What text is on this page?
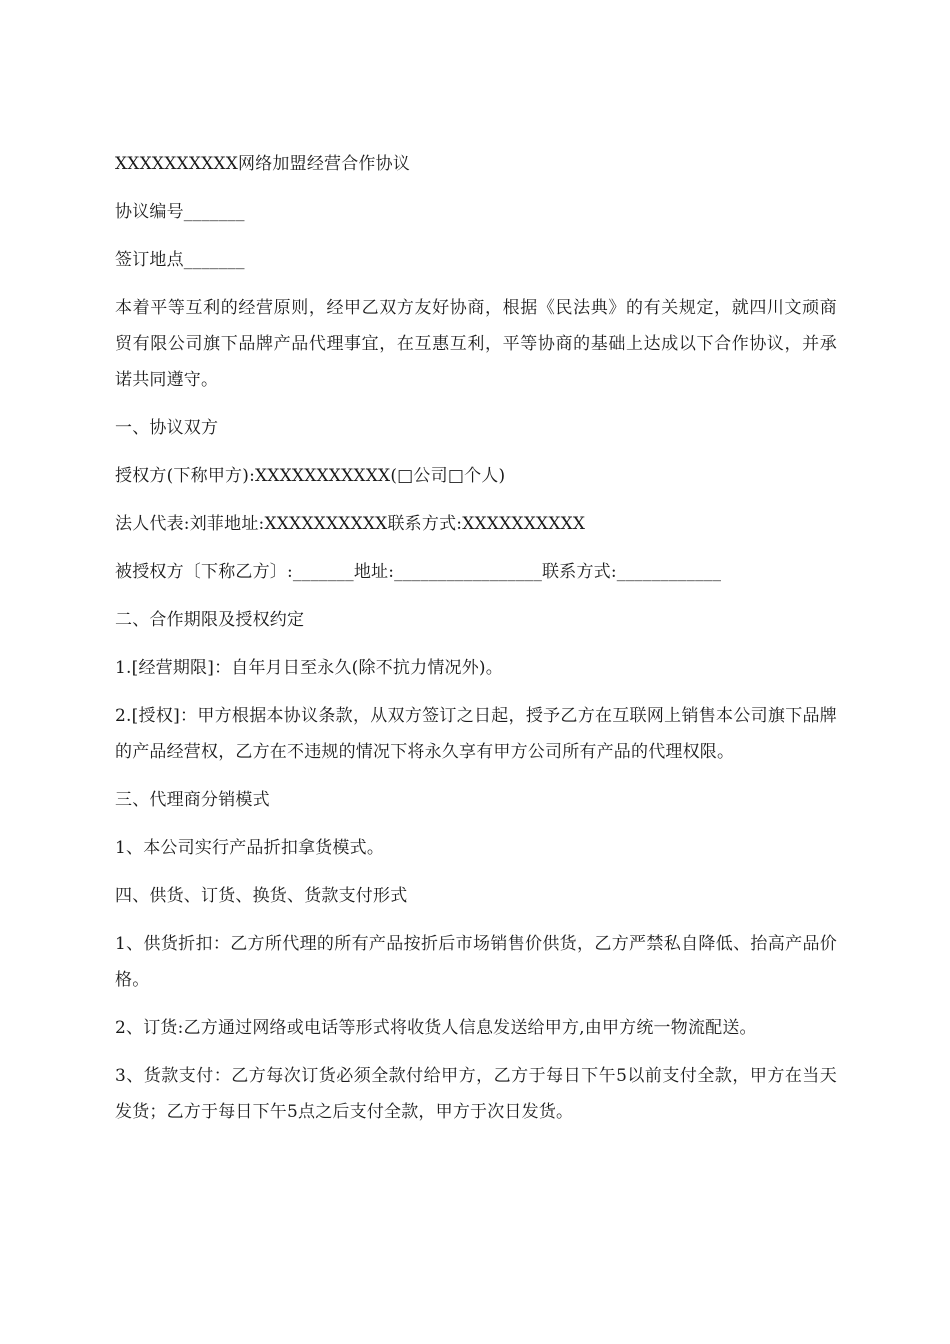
XXXXXXXXXX网络加盟经营合作协议

协议编号_______

签订地点_______

本着平等互利的经营原则，经甲乙双方友好协商，根据《民法典》的有关规定，就四川文顽商贸有限公司旗下品牌产品代理事宜，在互惠互利，平等协商的基础上达成以下合作协议，并承诺共同遵守。

一、协议双方

授权方(下称甲方):XXXXXXXXXXX(□公司□个人)

法人代表:刘菲地址:XXXXXXXXXX联系方式:XXXXXXXXXX

被授权方〔下称乙方〕:_______地址:_________________联系方式:____________

二、合作期限及授权约定

1.[经营期限]：自年月日至永久(除不抗力情况外)。

2.[授权]：甲方根据本协议条款，从双方签订之日起，授予乙方在互联网上销售本公司旗下品牌的产品经营权，乙方在不违规的情况下将永久享有甲方公司所有产品的代理权限。

三、代理商分销模式

1、本公司实行产品折扣拿货模式。

四、供货、订货、换货、货款支付形式

1、供货折扣：乙方所代理的所有产品按折后市场销售价供货，乙方严禁私自降低、抬高产品价格。

2、订货:乙方通过网络或电话等形式将收货人信息发送给甲方,由甲方统一物流配送。

3、货款支付：乙方每次订货必须全款付给甲方，乙方于每日下午5以前支付全款，甲方在当天发货；乙方于每日下午5点之后支付全款，甲方于次日发货。
